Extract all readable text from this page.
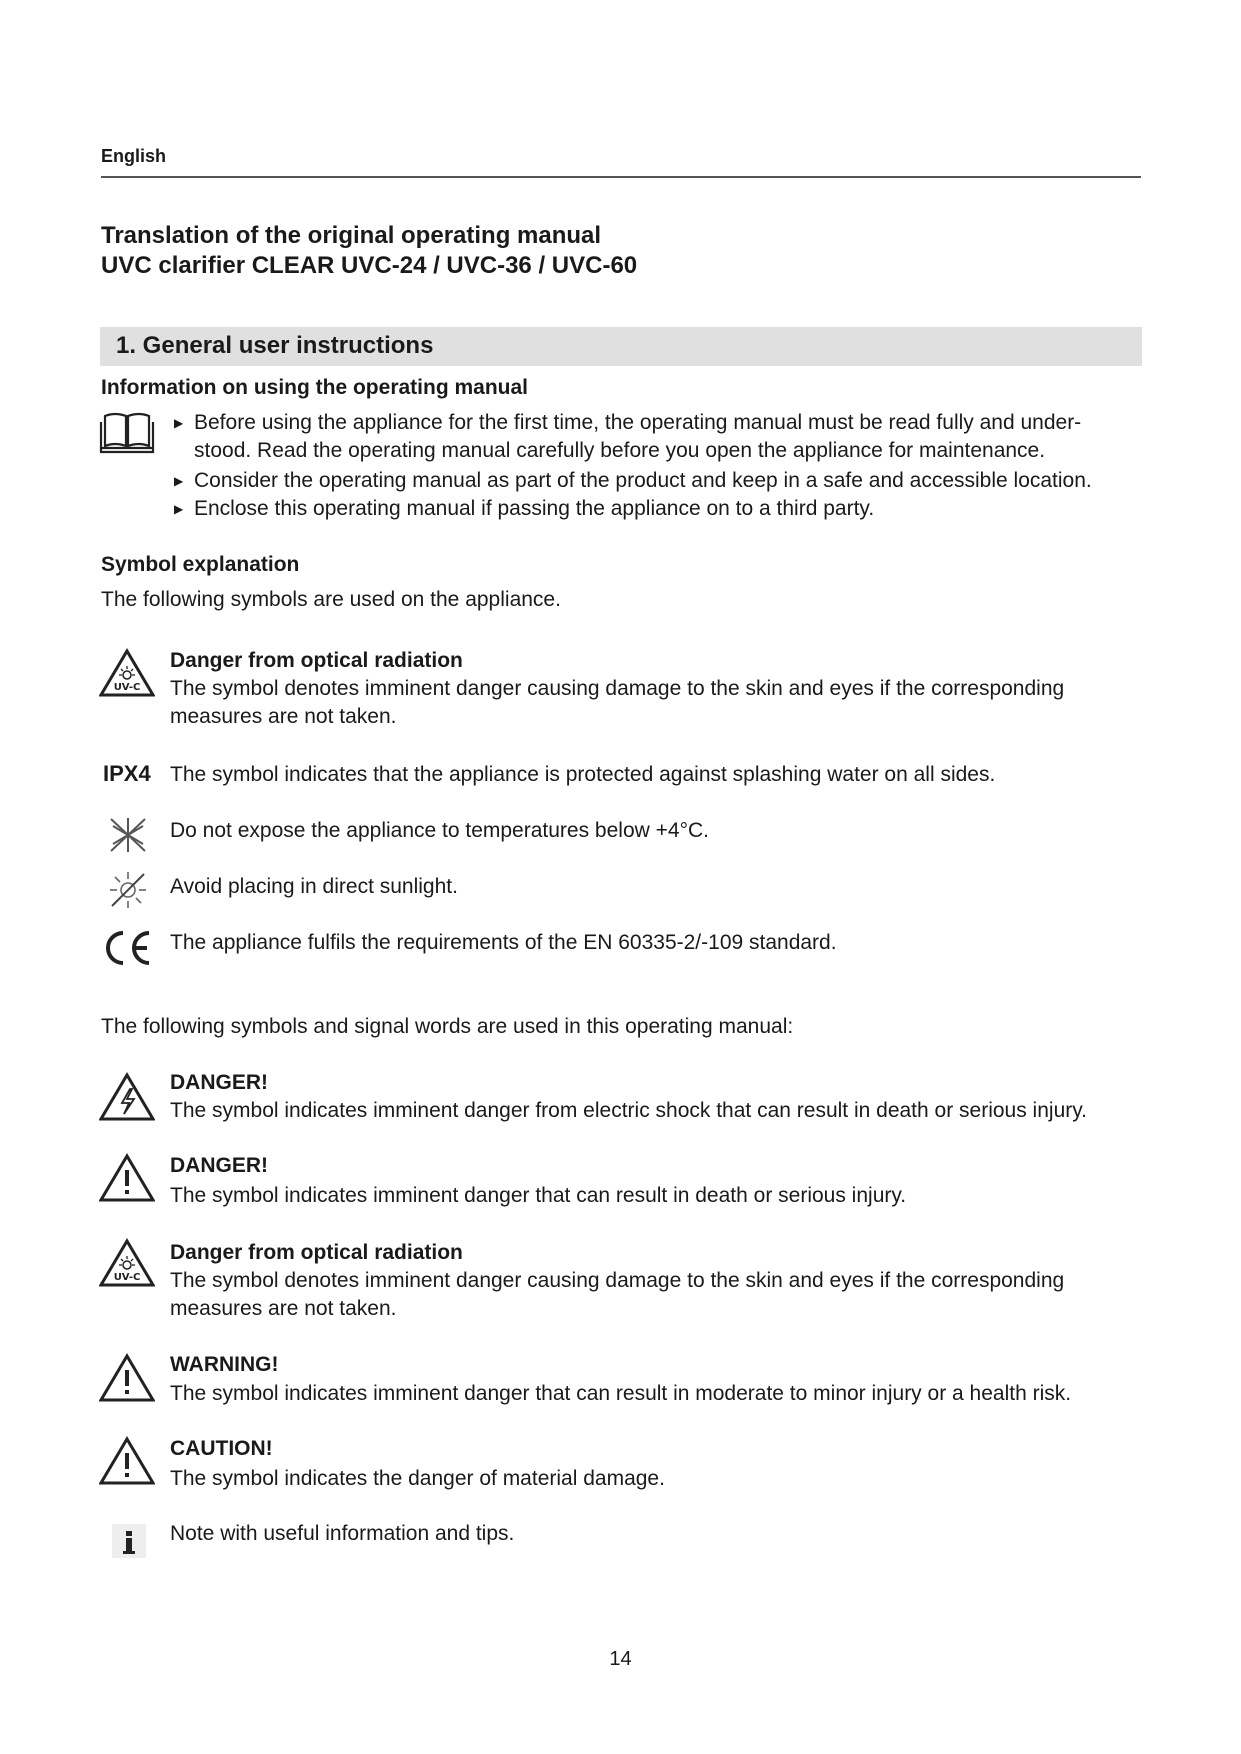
English
Translation of the original operating manual
UVC clarifier CLEAR UVC-24 / UVC-36 / UVC-60
1. General user instructions
Information on using the operating manual
▶ Before using the appliance for the first time, the operating manual must be read fully and under-
stood. Read the operating manual carefully before you open the appliance for maintenance.
▶ Consider the operating manual as part of the product and keep in a safe and accessible location.
▶ Enclose this operating manual if passing the appliance on to a third party.
Symbol explanation
The following symbols are used on the appliance.
UV-C
Danger from optical radiation
The symbol denotes imminent danger causing damage to the skin and eyes if the corresponding
measures are not taken.
IPX4 The symbol indicates that the appliance is protected against splashing water on all sides.
Do not expose the appliance to temperatures below +4°C.
Avoid placing in direct sunlight.
The appliance fulfils the requirements of the EN 60335-2/-109 standard.
The following symbols and signal words are used in this operating manual:
DANGER!
The symbol indicates imminent danger from electric shock that can result in death or serious injury.
DANGER!
The symbol indicates imminent danger that can result in death or serious injury.
UV-C
Danger from optical radiation
The symbol denotes imminent danger causing damage to the skin and eyes if the corresponding
measures are not taken.
WARNING!
The symbol indicates imminent danger that can result in moderate to minor injury or a health risk.
CAUTION!
The symbol indicates the danger of material damage.
Note with useful information and tips.
14
